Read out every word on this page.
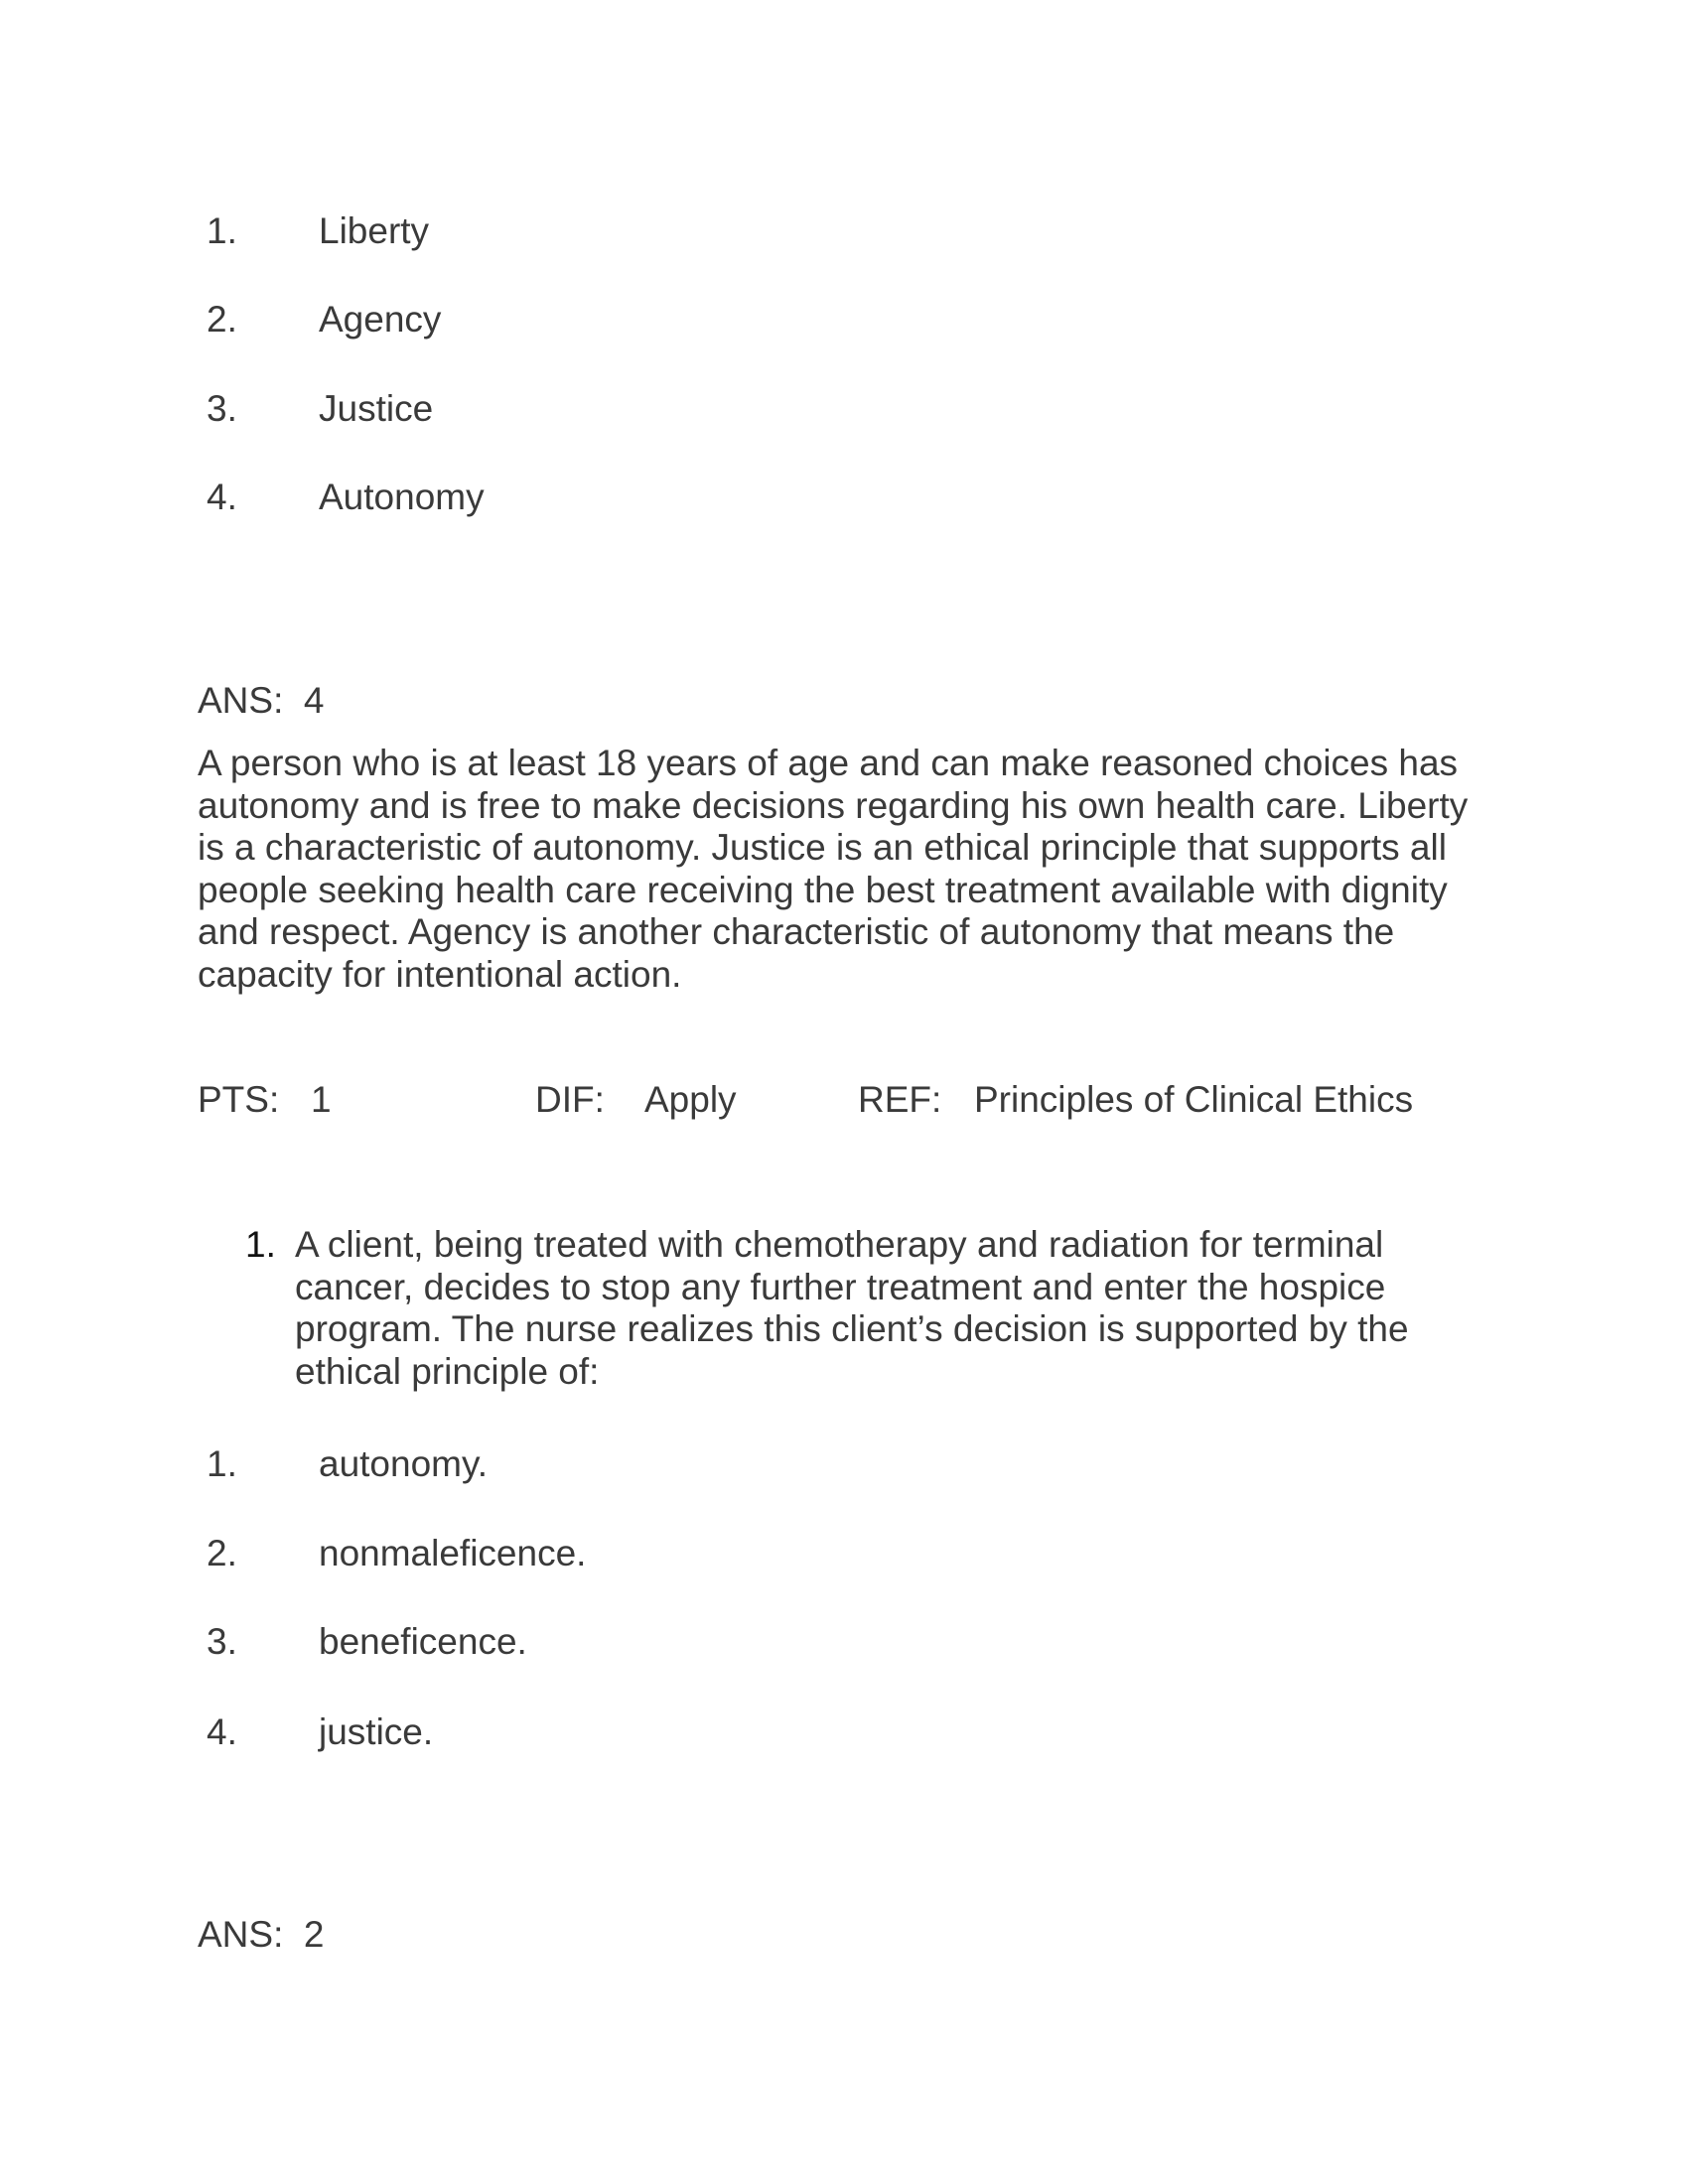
1. Liberty
2. Agency
3. Justice
4. Autonomy
ANS:  4
A person who is at least 18 years of age and can make reasoned choices has autonomy and is free to make decisions regarding his own health care. Liberty is a characteristic of autonomy. Justice is an ethical principle that supports all people seeking health care receiving the best treatment available with dignity and respect. Agency is another characteristic of autonomy that means the capacity for intentional action.
PTS: 1	DIF: Apply	REF: Principles of Clinical Ethics
1. A client, being treated with chemotherapy and radiation for terminal cancer, decides to stop any further treatment and enter the hospice program. The nurse realizes this client’s decision is supported by the ethical principle of:
1. autonomy.
2. nonmaleficence.
3. beneficence.
4. justice.
ANS:  2
